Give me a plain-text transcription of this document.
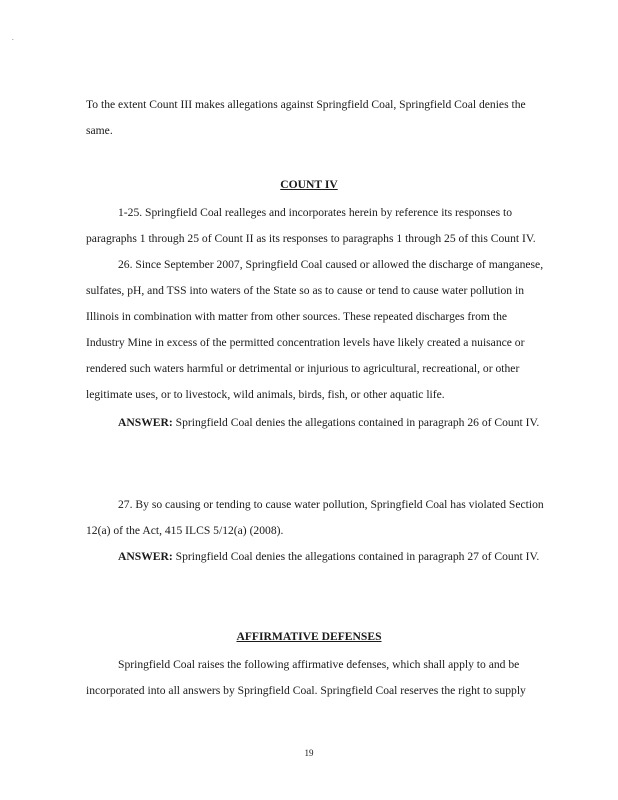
.

To the extent Count III makes allegations against Springfield Coal, Springfield Coal denies the same.

COUNT IV

1-25. Springfield Coal realleges and incorporates herein by reference its responses to paragraphs 1 through 25 of Count II as its responses to paragraphs 1 through 25 of this Count IV.

26. Since September 2007, Springfield Coal caused or allowed the discharge of manganese, sulfates, pH, and TSS into waters of the State so as to cause or tend to cause water pollution in Illinois in combination with matter from other sources. These repeated discharges from the Industry Mine in excess of the permitted concentration levels have likely created a nuisance or rendered such waters harmful or detrimental or injurious to agricultural, recreational, or other legitimate uses, or to livestock, wild animals, birds, fish, or other aquatic life.

ANSWER: Springfield Coal denies the allegations contained in paragraph 26 of Count IV.

27. By so causing or tending to cause water pollution, Springfield Coal has violated Section 12(a) of the Act, 415 ILCS 5/12(a) (2008).

ANSWER: Springfield Coal denies the allegations contained in paragraph 27 of Count IV.

AFFIRMATIVE DEFENSES

Springfield Coal raises the following affirmative defenses, which shall apply to and be incorporated into all answers by Springfield Coal. Springfield Coal reserves the right to supply

19
